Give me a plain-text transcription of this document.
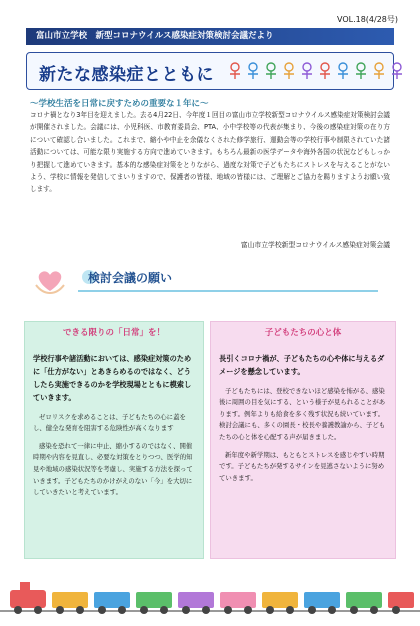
VOL.18(4/28号)
富山市立学校　新型コロナウイルス感染症対策検討会議だより
新たな感染症とともに
～学校生活を日常に戻すための重要な１年に～
コロナ禍となり3年目を迎えました。去る4月22日、今年度１回目の富山市立学校新型コロナウイルス感染症対策検討会議が開催されました。会議には、小児科医、市教育委員会、PTA、小中学校等の代表が集まり、今後の感染症対策の在り方について確認し合いました。これまで、縮小や中止を余儀なくされた修学旅行、運動会等の学校行事や制限されていた諸活動については、可能な限り実施する方向で進めていきます。もちろん最新の医学データや海外各国の状況などもしっかり把握して進めていきます。基本的な感染症対策をとりながら、過度な対策で子どもたちにストレスを与えることがないよう、学校に情報を発信してまいりますので、保護者の皆様、地域の皆様には、ご理解とご協力を賜りますようお願い致します。
富山市立学校新型コロナウイルス感染症対策会議
検討会議の願い
できる限りの「日常」を！
学校行事や諸活動においては、感染症対策のために「仕方がない」とあきらめるのではなく、どうしたら実施できるのかを学校現場とともに模索していきます。

ゼロリスクを求めることは、子どもたちの心に蓋をし、健全な発育を阻害する危険性が高くなります

感染を恐れて一律に中止、縮小するのではなく、開催時期や内容を見直し、必要な対策をとりつつ、医学的知見や地域の感染状況等を考慮し、実施する方法を探っていきます。子どもたちのかけがえのない「今」を大切にしていきたいと考えています。

子どもたちの心と体
長引くコロナ禍が、子どもたちの心や体に与えるダメージを懸念しています。

子どもたちには、登校できないほど感染を怖がる、感染後に周囲の目を気にする、という様子が見られることがあります。例年よりも給食を多く残す状況も続いています。検討会議にも、多くの園長・校長や養護教諭から、子どもたちの心と体を心配する声が届きました。

新年度や新学期は、もともとストレスを感じやすい時期です。子どもたちが発するサインを見逃さないように努めていきます。
